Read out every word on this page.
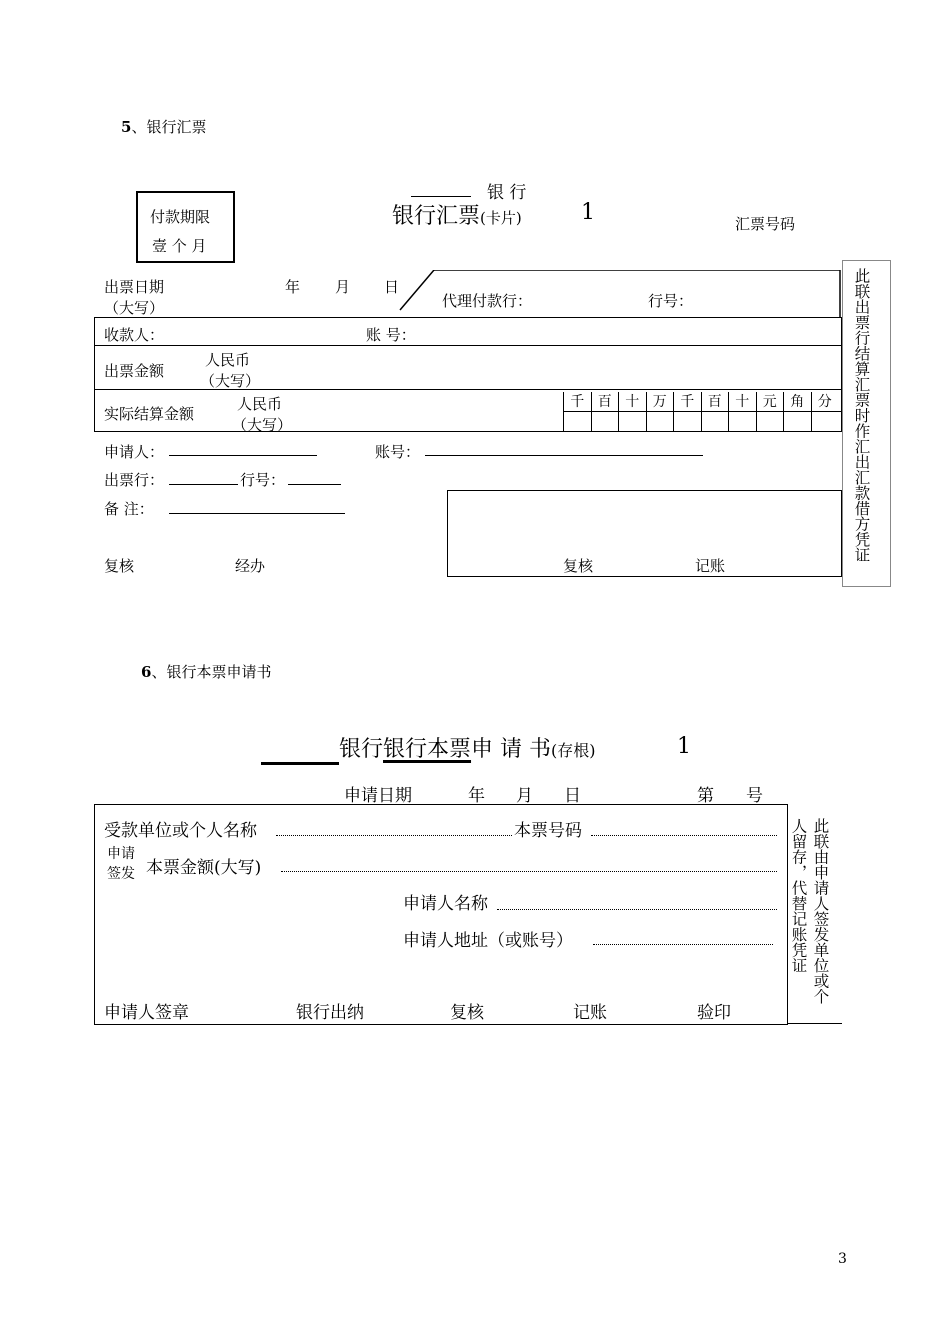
5、银行汇票
银 行
付款期限
壹 个 月
银行汇票(卡片)	1	汇票号码
出票日期
（大写）
年 月 日
代理付款行：	行号：
收款人：	账 号：
出票金额
人民币
（大写）
实际结算金额
人民币
（大写）
千 百 十 万 千 百 十 元 角 分
申请人：	账号：
出票行：	行号：
备 注：
复核	经办	复核	记账
此联出票行结算汇票时作汇出汇款借方凭证
6、银行本票申请书
银行银行本票申 请 书(存根)	1
申请日期	年 月 日	第 号
受款单位或个人名称	本票号码
申请
签发 本票金额(大写)
申请人名称
申请人地址（或账号）
申请人签章	银行出纳	复核	记账	验印
此联由申请人签发单位或个
人留存，代替记账凭证
3
